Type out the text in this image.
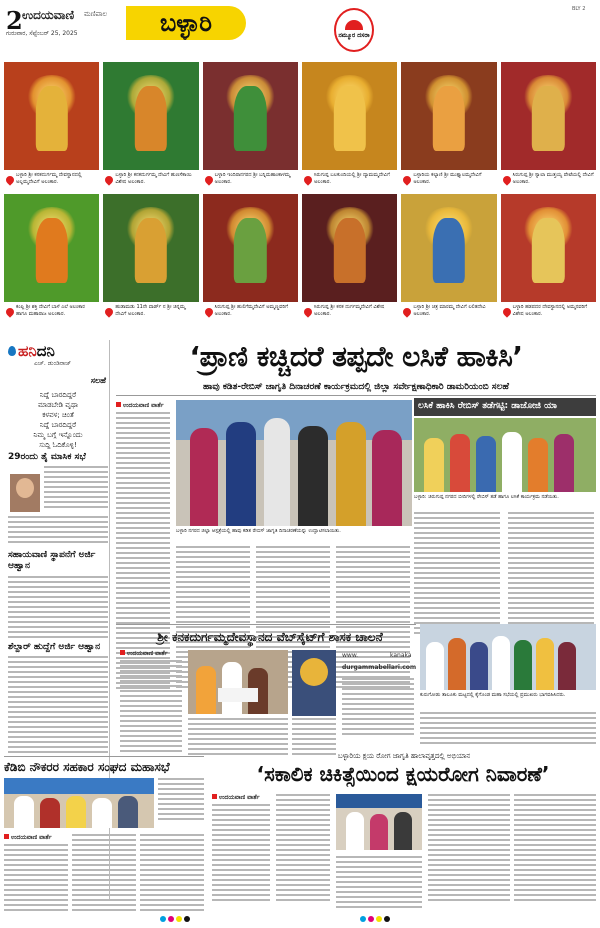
2 ಉದಯವಾಣಿ ಮಣಿಪಾಲ
ಗುರುವಾರ, ಸೆಪ್ಟೆಂಬರ್ 25, 2025	ಬಳ್ಳಾರಿ	ನಮ್ಮೂರ ದಸರಾ
BLY 2
ಬಳ್ಳಾರಿ ಶ್ರೀ ಕನಕದುರ್ಗಮ್ಮ ದೇವಸ್ಥಾನದಲ್ಲಿ ಅಲ್ಲಮ್ಮದೇವಿಗೆ ಅಲಂಕಾರ.
ಬಳ್ಳಾರಿ ಶ್ರೀ ಕನಕದುರ್ಗಮ್ಮ ದೇವಿಗೆ ಹುಣಸೆಕಾಯಿ ವಿಶೇಷ ಅಲಂಕಾರ.
ಬಳ್ಳಾರಿ ಇಂದಿರಾನಗರದ ಶ್ರೀ ಬನ್ನಿಮಹಾಂಕಾಳಮ್ಮ ಅಲಂಕಾರ.
ಸಿರುಗುಪ್ಪ ಬಲಕುಂದಿಯಲ್ಲಿ ಶ್ರೀ ದ್ಯಾಮಮ್ಮದೇವಿಗೆ ಅಲಂಕಾರ.
ಬಳ್ಳಾರಿಯ ಕಲ್ಯಾಣಿ ಶ್ರೀ ಮುತ್ತ್ಯಾಲಮ್ಮದೇವಿಗೆ ಅಲಂಕಾರ.
ಸಿರುಗುಪ್ಪ ಶ್ರೀ ಸ್ಯಾಲಾ ಮುತ್ತಯ್ಯ ಪೇಟೆಯಲ್ಲಿ ದೇವಿಗೆ ಅಲಂಕಾರ.
ಕಂಪ್ಲಿ ಶ್ರೀ ಶಕ್ತಿ ದೇವಿಗೆ ಬಾಳೆ ಎಲೆ ಅಲಂಕಾರ ಹಾಗೂ ಮಹಾರಾಜ ಅಲಂಕಾರ.
ಹುಡಾಮಡು 11ನೇ ವಾರ್ಡ್ ನ ಶ್ರೀ ಚಿನ್ನಮ್ಮ ದೇವಿಗೆ ಅಲಂಕಾರ.
ಸಿರುಗುಪ್ಪ ಶ್ರೀ ಹುಲಿಗೆಮ್ಮದೇವಿಗೆ ಅಮ್ಮಣ್ಣವರಿಗೆ ಅಲಂಕಾರ.
ಸಿರುಗುಪ್ಪ ಶ್ರೀ ಕನಕ ದುರ್ಗಮ್ಮದೇವಿಗೆ ವಿಶೇಷ ಅಲಂಕಾರ.
ಬಳ್ಳಾರಿ ಶ್ರೀ ಚಿತ್ರ ಮಾರಮ್ಮ ದೇವಿಗೆ ಲಲಿತದೇವಿ ಅಲಂಕಾರ.
ಬಳ್ಳಾರಿ ಹಡಪದರ ದೇವಸ್ಥಾನದಲ್ಲಿ ಅಮ್ಮನವರಿಗೆ ವಿಶೇಷ ಅಲಂಕಾರ.
ಹನಿದನಿ
ಎಚ್. ಡುಂಡಿರಾಜ್
ಸಲಹೆ
ನಿದ್ದೆ ಬಾರದಿದ್ದರೆ
ಮಾಡಬೇಡಿ ವೃಥಾ
ಕಳವಳ; ಚಿಂತೆ
ನಿದ್ದೆ ಬಾರದಿದ್ದರೆ
ನಿಮ್ಮ ಬಗ್ಗೆ ಇನ್ನೊಂದು
ಸುದ್ದಿ ಓದಿಕೊಳ್ಳಿ!
29ರಂದು ತೈ ಮಾಸಿಕ ಸಭೆ
ಸಹಾಯವಾಣಿ ಸ್ಥಾಪನೆಗೆ ಅರ್ಜಿ ಆಹ್ವಾನ
ಶೆಲ್ದಾರ್ ಹುದ್ದೆಗೆ ಅರ್ಜಿ ಆಹ್ವಾನ
‘ಪ್ರಾಣಿ ಕಚ್ಚಿದರೆ ತಪ್ಪದೇ ಲಸಿಕೆ ಹಾಕಿಸಿ’
ಹಾವು ಕಡಿತ-ರೇಬಿಸ್ ಜಾಗೃತಿ ದಿನಾಚರಣೆ ಕಾರ್ಯಕ್ರಮದಲ್ಲಿ ಜಿಲ್ಲಾ ಸರ್ವೇಕ್ಷಣಾಧಿಕಾರಿ ಡಾಮರಿಯಂಬಿ ಸಲಹೆ
ಉದಯವಾಣಿ ವಾರ್ತೆ
ಬಳ್ಳಾರಿ ನಗರದ ಜಿಲ್ಲಾ ಆಸ್ಪತ್ರೆಯಲ್ಲಿ ಹಾವು ಕಡಿತ ರೇಬಿಸ್ ಜಾಗೃತಿ ದಿನಾಚರಣೆಯನ್ನು ಉದ್ಘಾಟಿಸಲಾಯಿತು.
ಲಸಿಕೆ ಹಾಕಿಸಿ ರೇಬಿಸ್ ತಡೆಗಟ್ಟಿ: ಡಾಜೋಜಿ ಯಾ
ಬಳ್ಳಾರಿ: ಚಿರುಗುಪ್ಪ ನಗರದ ಬೀದಿಗಳಲ್ಲಿ ರೇಬಿಸ್ ತಡೆ ಹಾಗೂ ಲಸಿಕೆ ಕಾರ್ಯಕ್ರಮ ನಡೆಯಿತು.
ಶ್ರೀ ಕನಕದುರ್ಗಮ್ಮದೇವಸ್ಥಾನದ ವೆಬ್‌ಸೈಟ್‌ಗೆ ಶಾಸಕ ಚಾಲನೆ
ಉದಯವಾಣಿ ವಾರ್ತೆ	www.
durgammabellari.com
kanaka
ಕುರುಗೋಡು ತಾಲೂಕು ಮಟ್ಟದಲ್ಲಿ ಕೈಗೊಂಡ ಮಹಾ ಸಭೆಯಲ್ಲಿ ಪ್ರಮುಖರು ಭಾಗವಹಿಸಿದರು.
ಕೆಡಿಬಿ ನೌಕರರ ಸಹಕಾರ ಸಂಘದ ಮಹಾಸಭೆ
ಉದಯವಾಣಿ ವಾರ್ತೆ
ಬಳ್ಳಾರಿಯ ಕ್ಷಯ ರೋಗ ಜಾಗೃತಿ ಹಾಲಾವೃತ್ತದಲ್ಲಿ ಅಭಿಯಾನ
‘ಸಕಾಲಿಕ ಚಿಕಿತ್ಸೆಯಿಂದ ಕ್ಷಯರೋಗ ನಿವಾರಣೆ’
ಉದಯವಾಣಿ ವಾರ್ತೆ
